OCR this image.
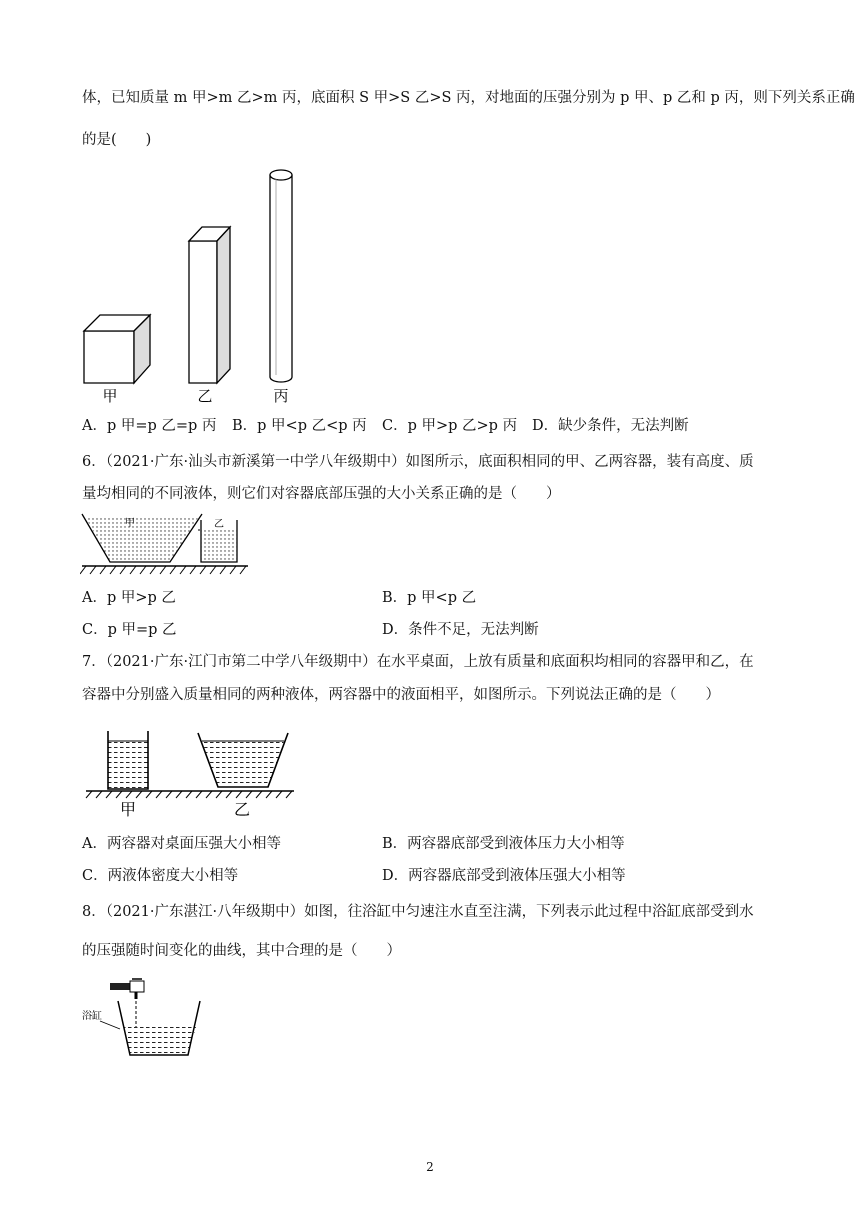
体，已知质量 m 甲>m 乙>m 丙，底面积 S 甲>S 乙>S 丙，对地面的压强分别为 p 甲、p 乙和 p 丙，则下列关系正确
的是(　　)
甲	乙	丙
A．p 甲=p 乙=p 丙 B．p 甲<p 乙<p 丙 C．p 甲>p 乙>p 丙 D．缺少条件，无法判断
6．（2021·广东·汕头市新溪第一中学八年级期中）如图所示，底面积相同的甲、乙两容器，装有高度、质
量均相同的不同液体，则它们对容器底部压强的大小关系正确的是（　　）
甲	乙
A．p 甲>p 乙	B．p 甲<p 乙
C．p 甲=p 乙	D．条件不足，无法判断
7．（2021·广东·江门市第二中学八年级期中）在水平桌面，上放有质量和底面积均相同的容器甲和乙，在
容器中分别盛入质量相同的两种液体，两容器中的液面相平，如图所示。下列说法正确的是（　　）
甲	乙
A．两容器对桌面压强大小相等	B．两容器底部受到液体压力大小相等
C．两液体密度大小相等	D．两容器底部受到液体压强大小相等
8．（2021·广东湛江·八年级期中）如图，往浴缸中匀速注水直至注满，下列表示此过程中浴缸底部受到水
的压强随时间变化的曲线，其中合理的是（　　）
浴缸
2
